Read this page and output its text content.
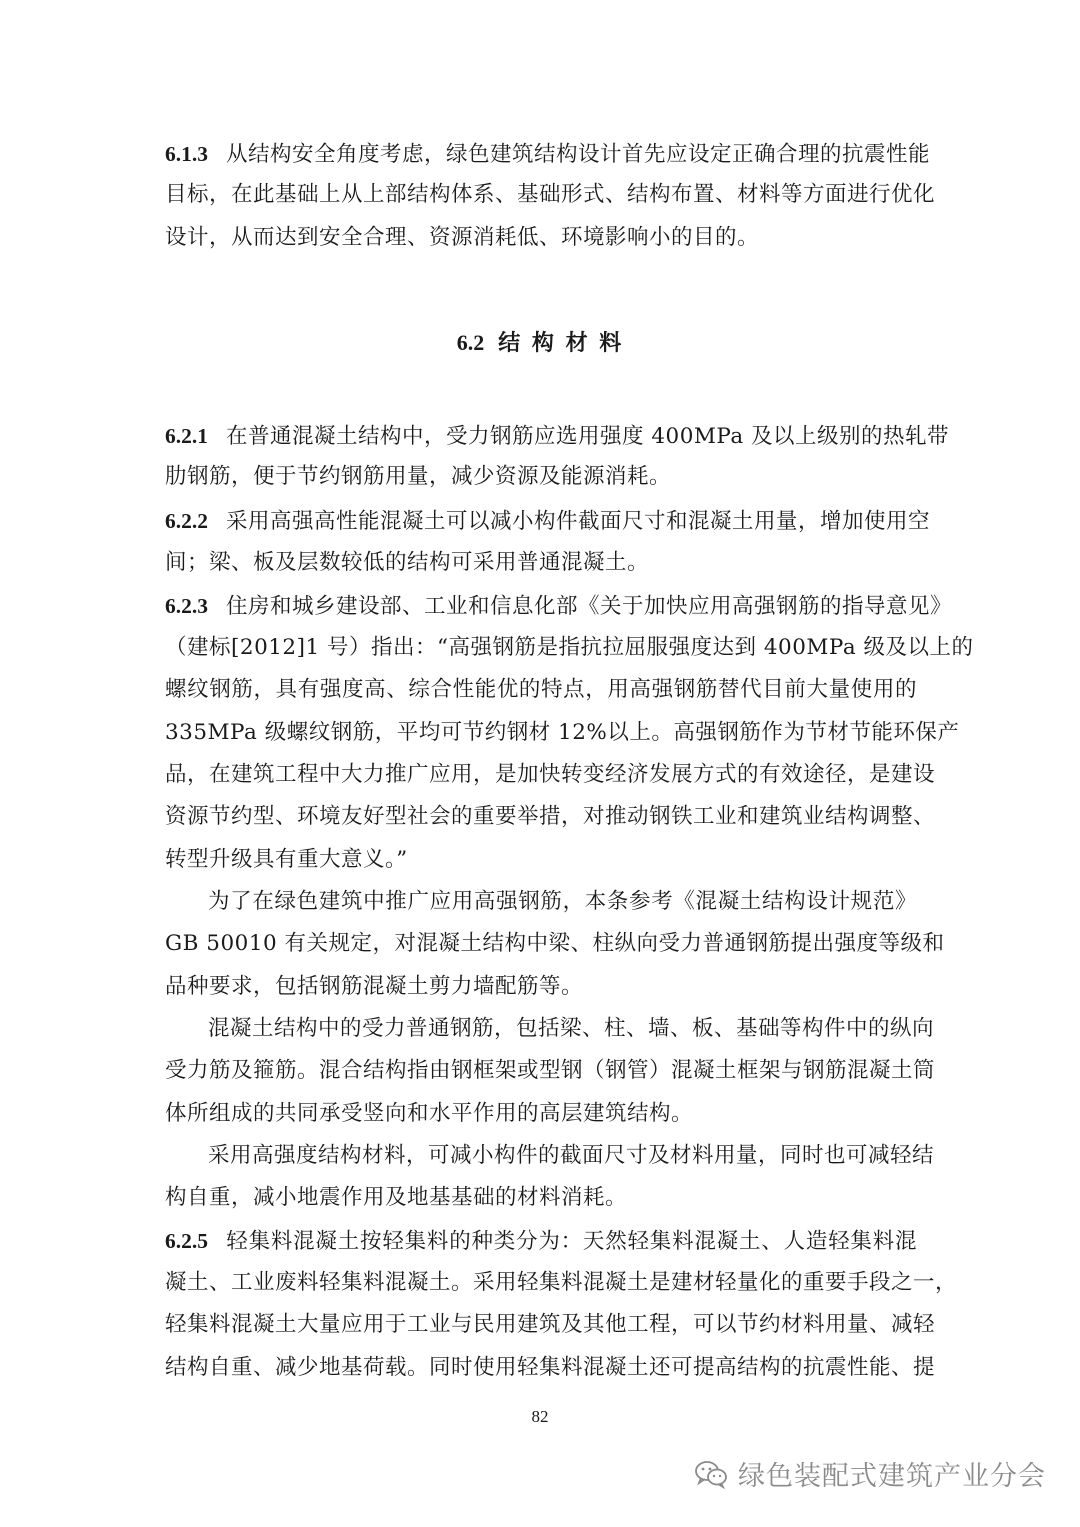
6.1.3 从结构安全角度考虑，绿色建筑结构设计首先应设定正确合理的抗震性能
目标，在此基础上从上部结构体系、基础形式、结构布置、材料等方面进行优化
设计，从而达到安全合理、资源消耗低、环境影响小的目的。
6.2 结 构 材 料
6.2.1 在普通混凝土结构中，受力钢筋应选用强度 400MPa 及以上级别的热轧带
肋钢筋，便于节约钢筋用量，减少资源及能源消耗。
6.2.2 采用高强高性能混凝土可以减小构件截面尺寸和混凝土用量，增加使用空
间；梁、板及层数较低的结构可采用普通混凝土。
6.2.3 住房和城乡建设部、工业和信息化部《关于加快应用高强钢筋的指导意见》
（建标[2012]1 号）指出：“高强钢筋是指抗拉屈服强度达到 400MPa 级及以上的
螺纹钢筋，具有强度高、综合性能优的特点，用高强钢筋替代目前大量使用的
335MPa 级螺纹钢筋，平均可节约钢材 12%以上。高强钢筋作为节材节能环保产
品，在建筑工程中大力推广应用，是加快转变经济发展方式的有效途径，是建设
资源节约型、环境友好型社会的重要举措，对推动钢铁工业和建筑业结构调整、
转型升级具有重大意义。”
为了在绿色建筑中推广应用高强钢筋，本条参考《混凝土结构设计规范》
GB 50010 有关规定，对混凝土结构中梁、柱纵向受力普通钢筋提出强度等级和
品种要求，包括钢筋混凝土剪力墙配筋等。
混凝土结构中的受力普通钢筋，包括梁、柱、墙、板、基础等构件中的纵向
受力筋及箍筋。混合结构指由钢框架或型钢（钢管）混凝土框架与钢筋混凝土筒
体所组成的共同承受竖向和水平作用的高层建筑结构。
采用高强度结构材料，可减小构件的截面尺寸及材料用量，同时也可减轻结
构自重，减小地震作用及地基基础的材料消耗。
6.2.5 轻集料混凝土按轻集料的种类分为：天然轻集料混凝土、人造轻集料混
凝土、工业废料轻集料混凝土。采用轻集料混凝土是建材轻量化的重要手段之一，
轻集料混凝土大量应用于工业与民用建筑及其他工程，可以节约材料用量、减轻
结构自重、减少地基荷载。同时使用轻集料混凝土还可提高结构的抗震性能、提
82
绿色装配式建筑产业分会
